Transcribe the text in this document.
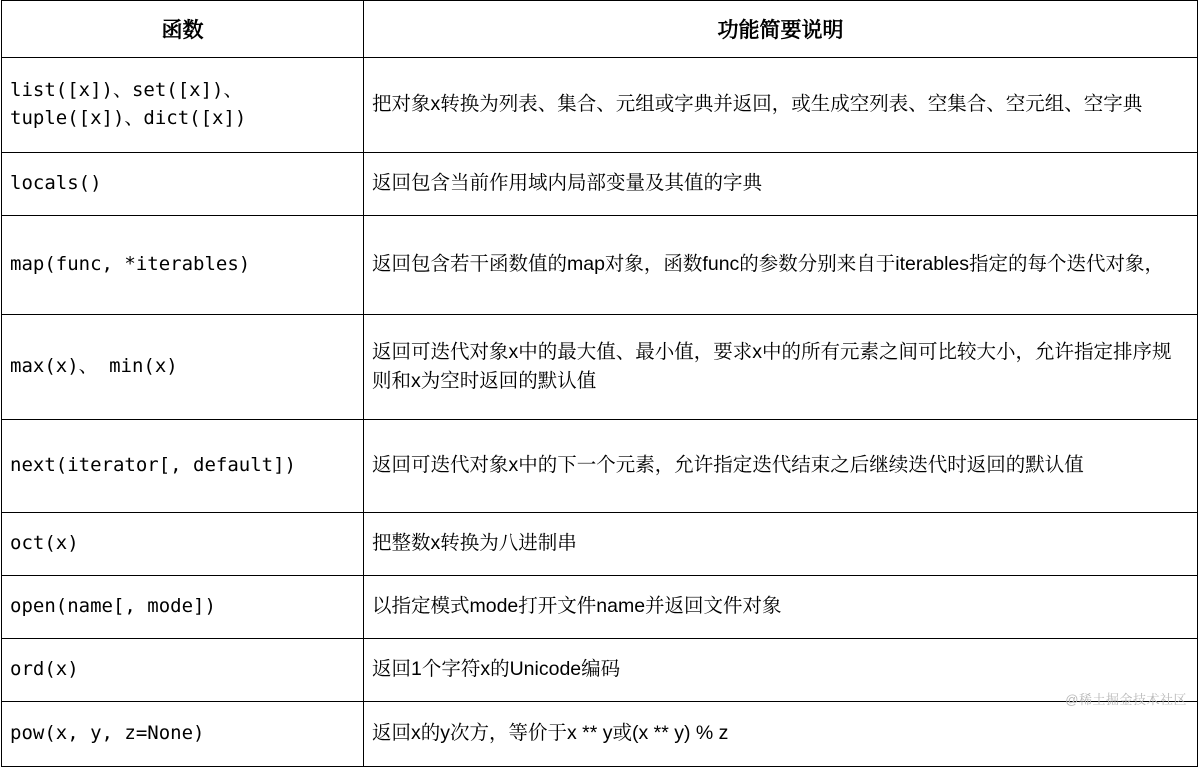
函数	功能简要说明
list([x])、set([x])、tuple([x])、dict([x])	把对象x转换为列表、集合、元组或字典并返回，或生成空列表、空集合、空元组、空字典
locals()	返回包含当前作用域内局部变量及其值的字典
map(func, *iterables)	返回包含若干函数值的map对象，函数func的参数分别来自于iterables指定的每个迭代对象，
max(x)、 min(x)	返回可迭代对象x中的最大值、最小值，要求x中的所有元素之间可比较大小，允许指定排序规则和x为空时返回的默认值
next(iterator[, default])	返回可迭代对象x中的下一个元素，允许指定迭代结束之后继续迭代时返回的默认值
oct(x)	把整数x转换为八进制串
open(name[, mode])	以指定模式mode打开文件name并返回文件对象
ord(x)	返回1个字符x的Unicode编码
pow(x, y, z=None)	返回x的y次方，等价于x ** y或(x ** y) % z
@稀土掘金技术社区
